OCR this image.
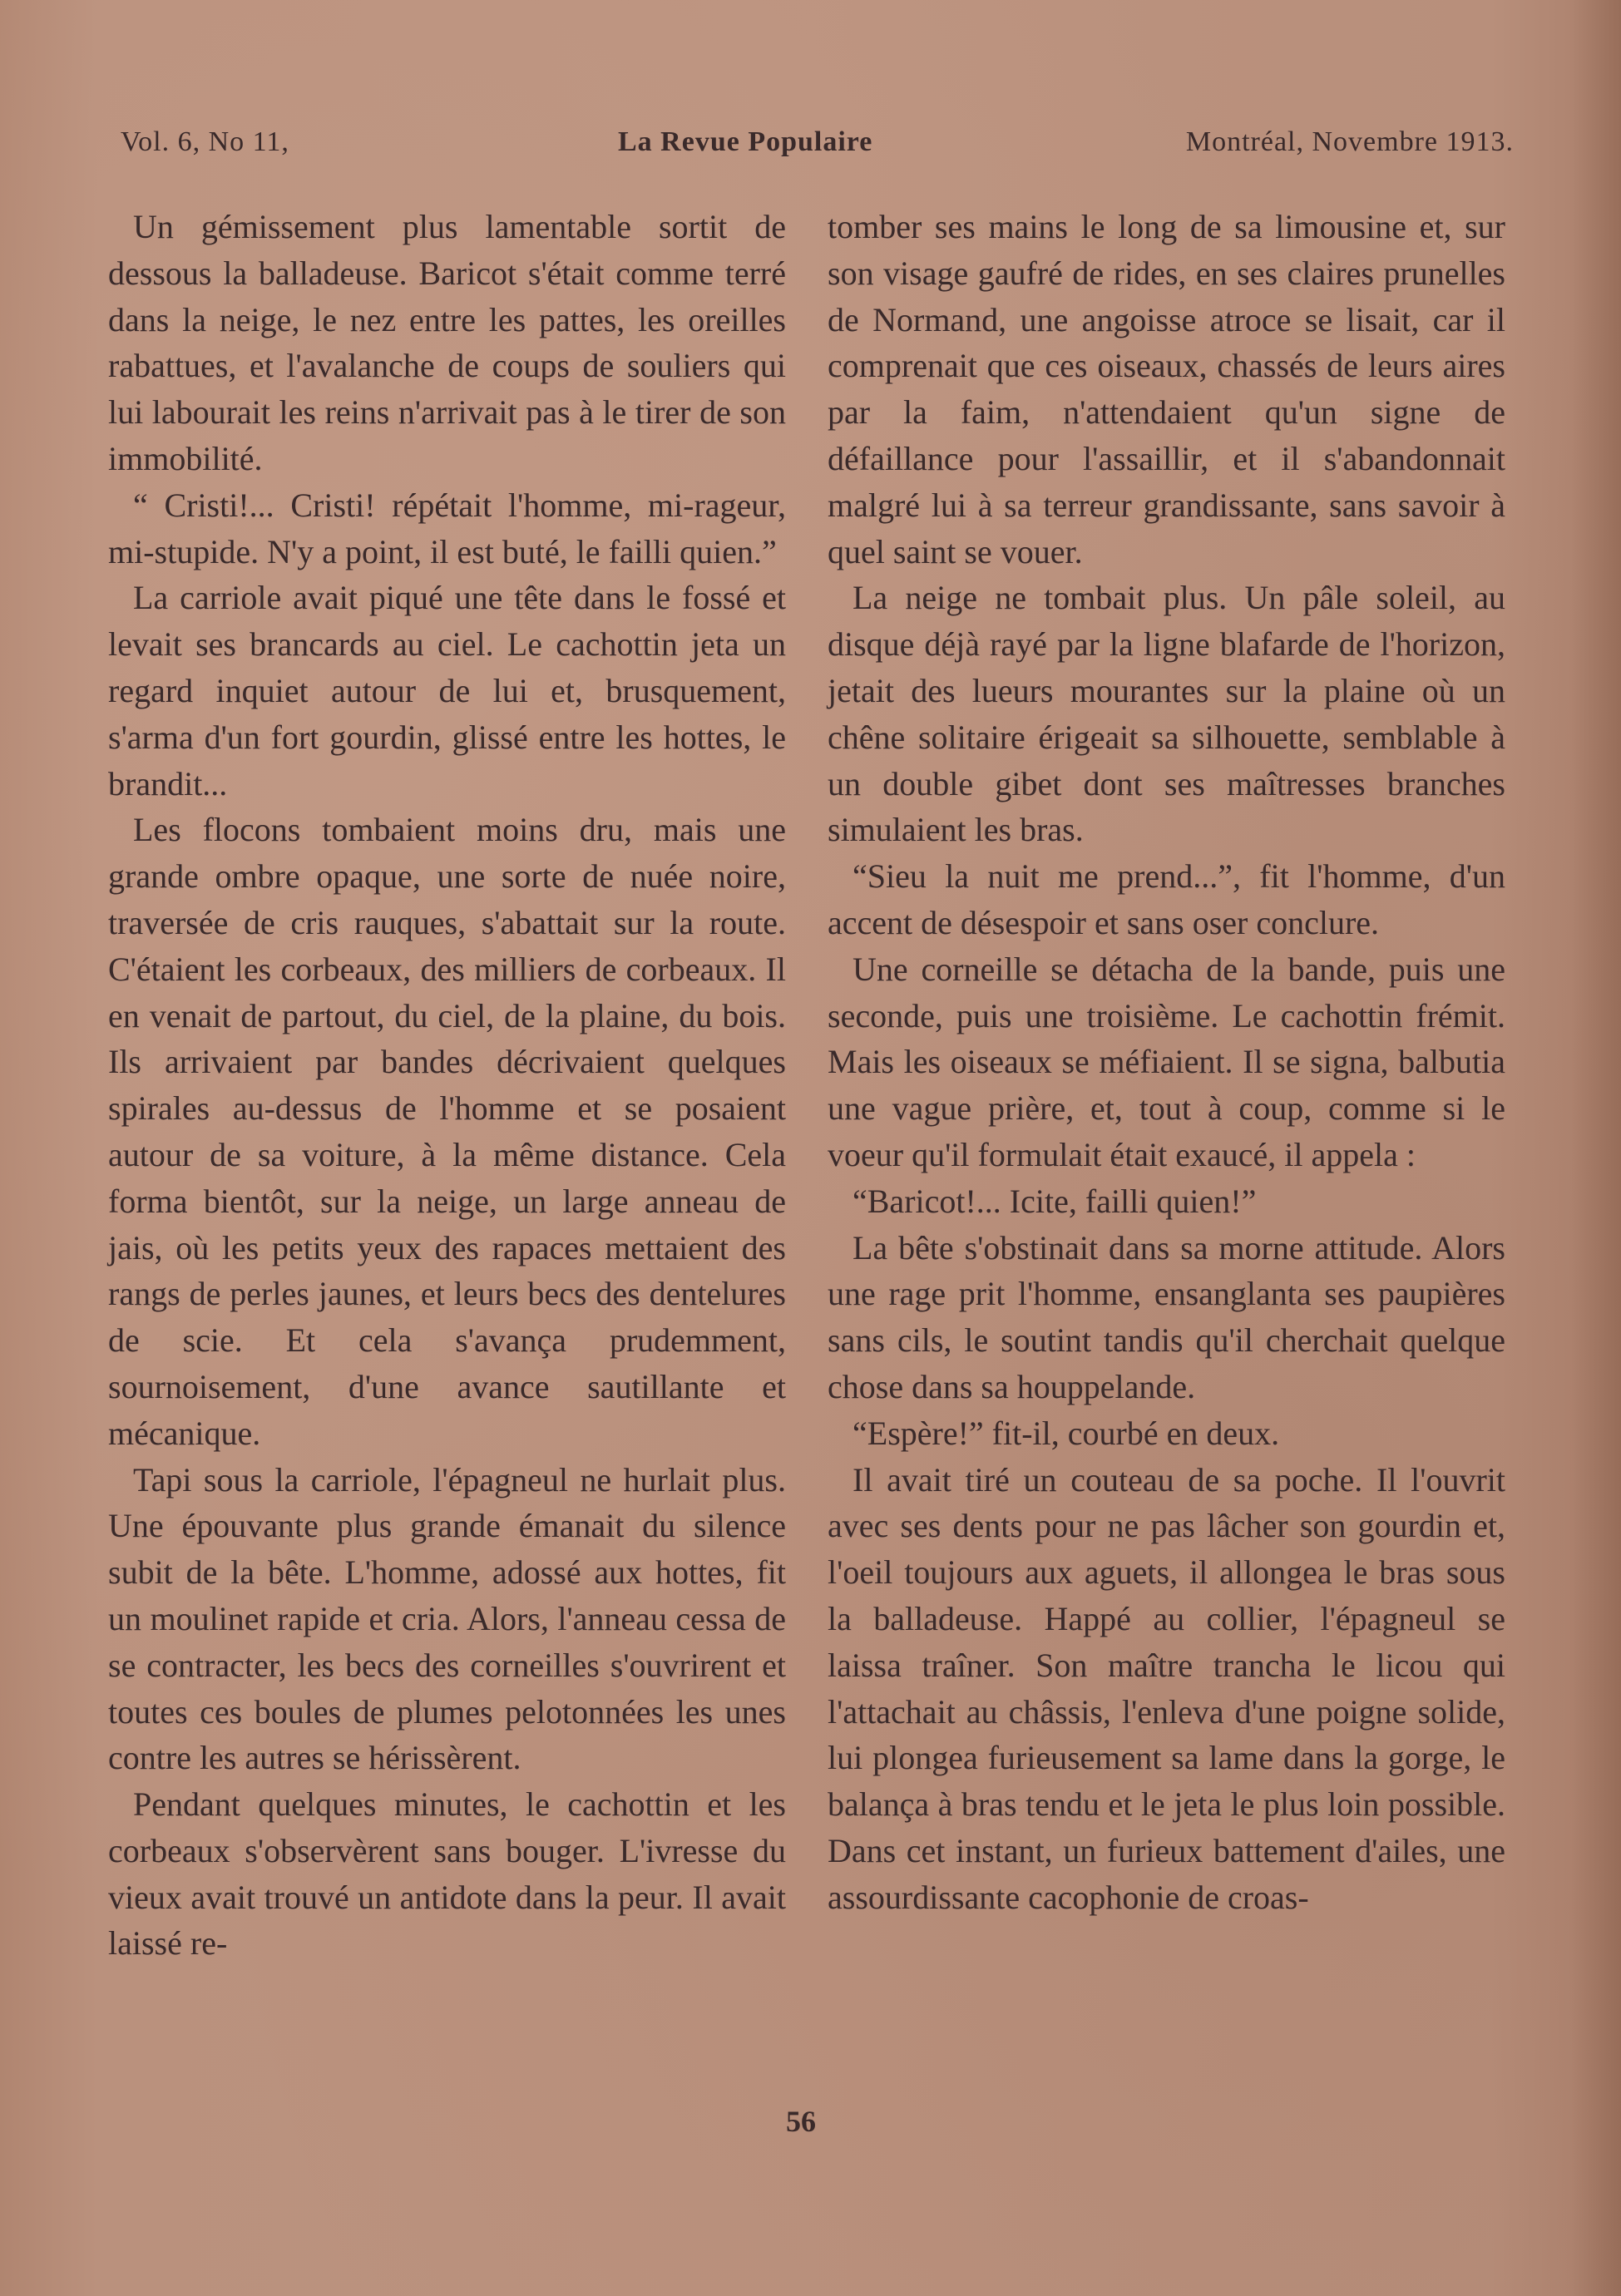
Vol. 6, No 11,	La Revue Populaire	Montréal, Novembre 1913.

Un gémissement plus lamentable sortit de dessous la balladeuse. Baricot s'était comme terré dans la neige, le nez entre les pattes, les oreilles rabattues, et l'avalanche de coups de souliers qui lui labourait les reins n'arrivait pas à le tirer de son immobilité.

“ Cristi!... Cristi! répétait l'homme, mi-rageur, mi-stupide. N'y a point, il est buté, le failli quien.”

La carriole avait piqué une tête dans le fossé et levait ses brancards au ciel. Le cachottin jeta un regard inquiet autour de lui et, brusquement, s'arma d'un fort gourdin, glissé entre les hottes, le brandit...

Les flocons tombaient moins dru, mais une grande ombre opaque, une sorte de nuée noire, traversée de cris rauques, s'abattait sur la route. C'étaient les corbeaux, des milliers de corbeaux. Il en venait de partout, du ciel, de la plaine, du bois. Ils arrivaient par bandes décrivaient quelques spirales au-dessus de l'homme et se posaient autour de sa voiture, à la même distance. Cela forma bientôt, sur la neige, un large anneau de jais, où les petits yeux des rapaces mettaient des rangs de perles jaunes, et leurs becs des dentelures de scie. Et cela s'avança prudemment, sournoisement, d'une avance sautillante et mécanique.

Tapi sous la carriole, l'épagneul ne hurlait plus. Une épouvante plus grande émanait du silence subit de la bête. L'homme, adossé aux hottes, fit un moulinet rapide et cria. Alors, l'anneau cessa de se contracter, les becs des corneilles s'ouvrirent et toutes ces boules de plumes pelotonnées les unes contre les autres se hérissèrent.

Pendant quelques minutes, le cachottin et les corbeaux s'observèrent sans bouger. L'ivresse du vieux avait trouvé un antidote dans la peur. Il avait laissé re-

tomber ses mains le long de sa limousine et, sur son visage gaufré de rides, en ses claires prunelles de Normand, une angoisse atroce se lisait, car il comprenait que ces oiseaux, chassés de leurs aires par la faim, n'attendaient qu'un signe de défaillance pour l'assaillir, et il s'abandonnait malgré lui à sa terreur grandissante, sans savoir à quel saint se vouer.

La neige ne tombait plus. Un pâle soleil, au disque déjà rayé par la ligne blafarde de l'horizon, jetait des lueurs mourantes sur la plaine où un chêne solitaire érigeait sa silhouette, semblable à un double gibet dont ses maîtresses branches simulaient les bras.

“Sieu la nuit me prend...”, fit l'homme, d'un accent de désespoir et sans oser conclure.

Une corneille se détacha de la bande, puis une seconde, puis une troisième. Le cachottin frémit. Mais les oiseaux se méfiaient. Il se signa, balbutia une vague prière, et, tout à coup, comme si le voeur qu'il formulait était exaucé, il appela :

“Baricot!... Icite, failli quien!”

La bête s'obstinait dans sa morne attitude. Alors une rage prit l'homme, ensanglanta ses paupières sans cils, le soutint tandis qu'il cherchait quelque chose dans sa houppelande.

“Espère!” fit-il, courbé en deux.

Il avait tiré un couteau de sa poche. Il l'ouvrit avec ses dents pour ne pas lâcher son gourdin et, l'oeil toujours aux aguets, il allongea le bras sous la balladeuse. Happé au collier, l'épagneul se laissa traîner. Son maître trancha le licou qui l'attachait au châssis, l'enleva d'une poigne solide, lui plongea furieusement sa lame dans la gorge, le balança à bras tendu et le jeta le plus loin possible. Dans cet instant, un furieux battement d'ailes, une assourdissante cacophonie de croas-

56
